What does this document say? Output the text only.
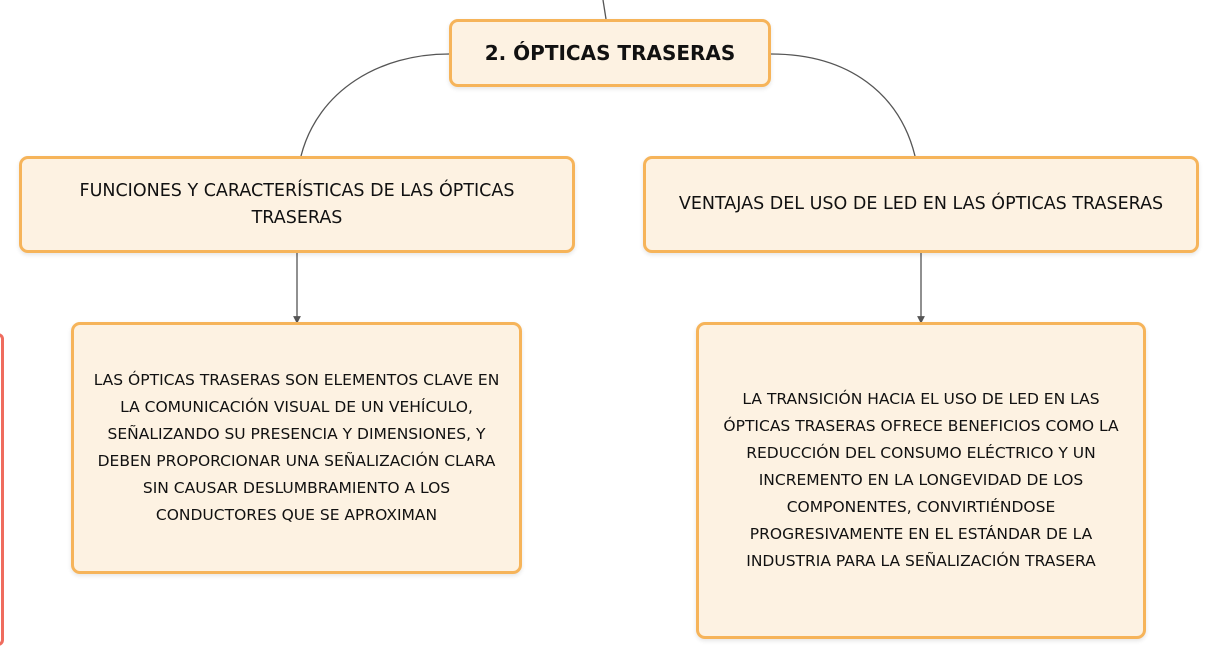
2. ÓPTICAS TRASERAS
FUNCIONES Y CARACTERÍSTICAS DE LAS ÓPTICAS TRASERAS
VENTAJAS DEL USO DE LED EN LAS ÓPTICAS TRASERAS
LAS ÓPTICAS TRASERAS SON ELEMENTOS CLAVE EN LA COMUNICACIÓN VISUAL DE UN VEHÍCULO, SEÑALIZANDO SU PRESENCIA Y DIMENSIONES, Y DEBEN PROPORCIONAR UNA SEÑALIZACIÓN CLARA SIN CAUSAR DESLUMBRAMIENTO A LOS CONDUCTORES QUE SE APROXIMAN
LA TRANSICIÓN HACIA EL USO DE LED EN LAS ÓPTICAS TRASERAS OFRECE BENEFICIOS COMO LA REDUCCIÓN DEL CONSUMO ELÉCTRICO Y UN INCREMENTO EN LA LONGEVIDAD DE LOS COMPONENTES, CONVIRTIÉNDOSE PROGRESIVAMENTE EN EL ESTÁNDAR DE LA INDUSTRIA PARA LA SEÑALIZACIÓN TRASERA
